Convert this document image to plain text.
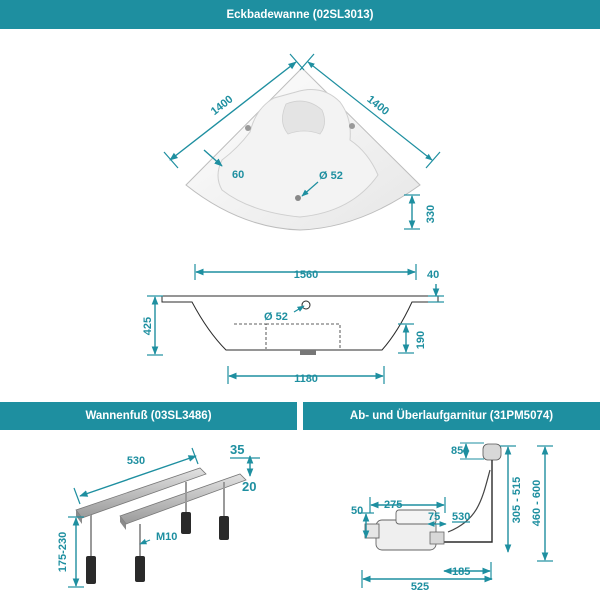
Eckbadewanne (02SL3013)
Wannenfuß (03SL3486)	Ab- und Überlaufgarnitur (31PM5074)
1400	1400
60	Ø 52
330
1560	40
425	Ø 52
190
1180
530
35
20
175-230	M10
85
305 - 515 460 - 600
50 275
75 530
185
525
